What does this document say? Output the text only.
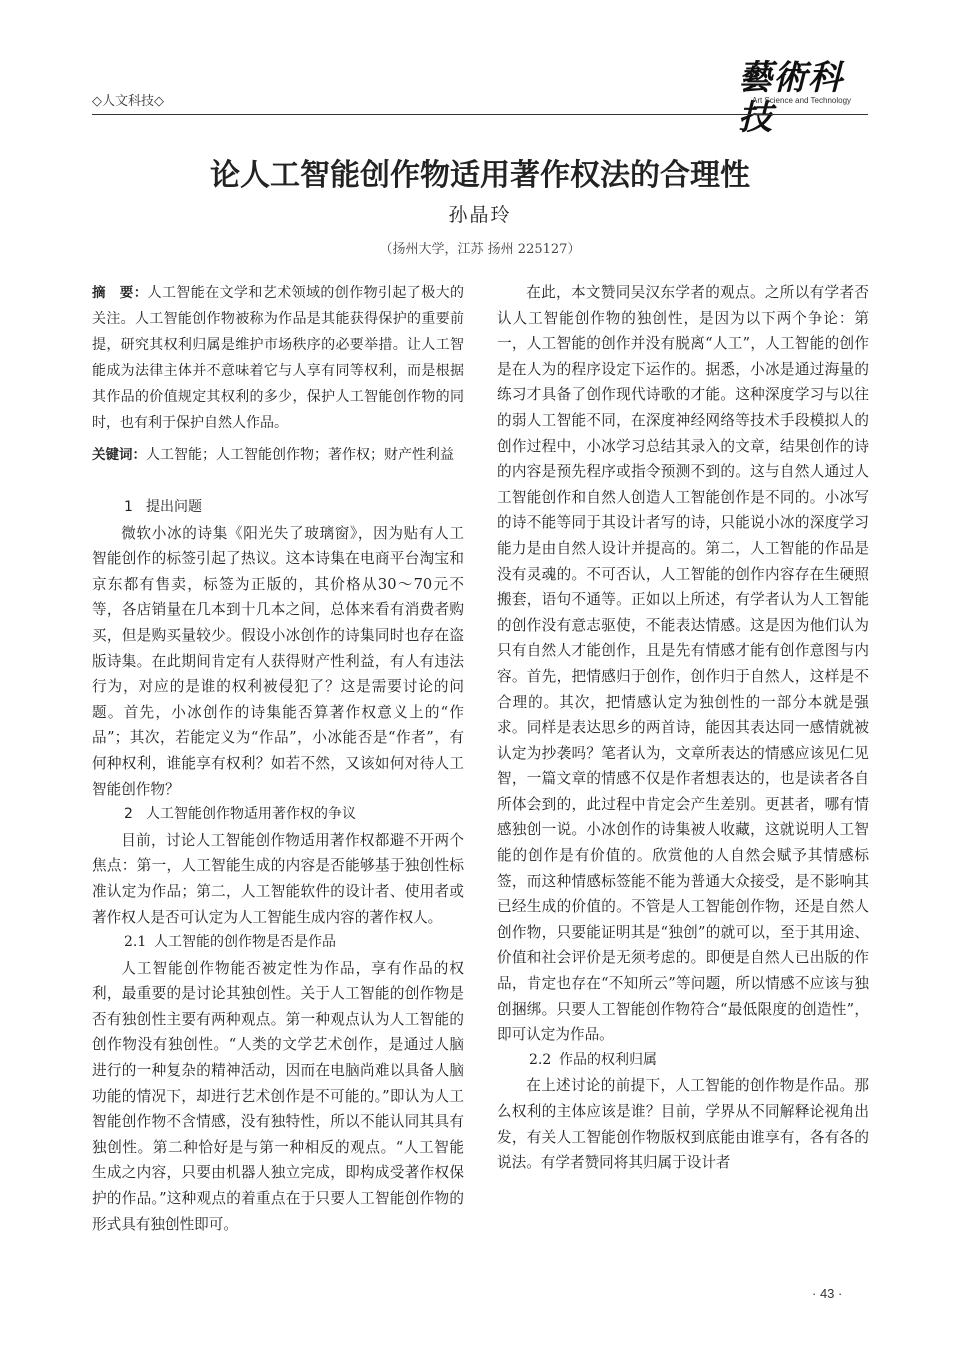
◇人文科技◇
藝術科技
Art Science and Technology
论人工智能创作物适用著作权法的合理性
孙晶玲
（扬州大学，江苏 扬州 225127）

摘　要：人工智能在文学和艺术领域的创作物引起了极大的关注。人工智能创作物被称为作品是其能获得保护的重要前提，研究其权利归属是维护市场秩序的必要举措。让人工智能成为法律主体并不意味着它与人享有同等权利，而是根据其作品的价值规定其权利的多少，保护人工智能创作物的同时，也有利于保护自然人作品。

关键词：人工智能；人工智能创作物；著作权；财产性利益

1 提出问题

微软小冰的诗集《阳光失了玻璃窗》，因为贴有人工智能创作的标签引起了热议。这本诗集在电商平台淘宝和京东都有售卖，标签为正版的，其价格从30～70元不等，各店销量在几本到十几本之间，总体来看有消费者购买，但是购买量较少。假设小冰创作的诗集同时也存在盗版诗集。在此期间肯定有人获得财产性利益，有人有违法行为，对应的是谁的权利被侵犯了？这是需要讨论的问题。首先，小冰创作的诗集能否算著作权意义上的“作品”；其次，若能定义为“作品”，小冰能否是“作者”，有何种权利，谁能享有权利？如若不然，又该如何对待人工智能创作物？

2 人工智能创作物适用著作权的争议

目前，讨论人工智能创作物适用著作权都避不开两个焦点：第一，人工智能生成的内容是否能够基于独创性标准认定为作品；第二，人工智能软件的设计者、使用者或著作权人是否可认定为人工智能生成内容的著作权人。

2.1 人工智能的创作物是否是作品

人工智能创作物能否被定性为作品，享有作品的权利，最重要的是讨论其独创性。关于人工智能的创作物是否有独创性主要有两种观点。第一种观点认为人工智能的创作物没有独创性。“人类的文学艺术创作，是通过人脑进行的一种复杂的精神活动，因而在电脑尚难以具备人脑功能的情况下，却进行艺术创作是不可能的。”即认为人工智能创作物不含情感，没有独特性，所以不能认同其具有独创性。第二种恰好是与第一种相反的观点。“人工智能生成之内容，只要由机器人独立完成，即构成受著作权保护的作品。”这种观点的着重点在于只要人工智能创作物的形式具有独创性即可。

在此，本文赞同吴汉东学者的观点。之所以有学者否认人工智能创作物的独创性，是因为以下两个争论：第一，人工智能的创作并没有脱离“人工”，人工智能的创作是在人为的程序设定下运作的。据悉，小冰是通过海量的练习才具备了创作现代诗歌的才能。这种深度学习与以往的弱人工智能不同，在深度神经网络等技术手段模拟人的创作过程中，小冰学习总结其录入的文章，结果创作的诗的内容是预先程序或指令预测不到的。这与自然人通过人工智能创作和自然人创造人工智能创作是不同的。小冰写的诗不能等同于其设计者写的诗，只能说小冰的深度学习能力是由自然人设计并提高的。第二，人工智能的作品是没有灵魂的。不可否认，人工智能的创作内容存在生硬照搬套，语句不通等。正如以上所述，有学者认为人工智能的创作没有意志驱使，不能表达情感。这是因为他们认为只有自然人才能创作，且是先有情感才能有创作意图与内容。首先，把情感归于创作，创作归于自然人，这样是不合理的。其次，把情感认定为独创性的一部分本就是强求。同样是表达思乡的两首诗，能因其表达同一感情就被认定为抄袭吗？笔者认为，文章所表达的情感应该见仁见智，一篇文章的情感不仅是作者想表达的，也是读者各自所体会到的，此过程中肯定会产生差别。更甚者，哪有情感独创一说。小冰创作的诗集被人收藏，这就说明人工智能的创作是有价值的。欣赏他的人自然会赋予其情感标签，而这种情感标签能不能为普通大众接受，是不影响其已经生成的价值的。不管是人工智能创作物，还是自然人创作物，只要能证明其是“独创”的就可以，至于其用途、价值和社会评价是无须考虑的。即便是自然人已出版的作品，肯定也存在“不知所云”等问题，所以情感不应该与独创捆绑。只要人工智能创作物符合“最低限度的创造性”，即可认定为作品。

2.2 作品的权利归属

在上述讨论的前提下，人工智能的创作物是作品。那么权利的主体应该是谁？目前，学界从不同解释论视角出发，有关人工智能创作物版权到底能由谁享有，各有各的说法。有学者赞同将其归属于设计者

· 43 ·
